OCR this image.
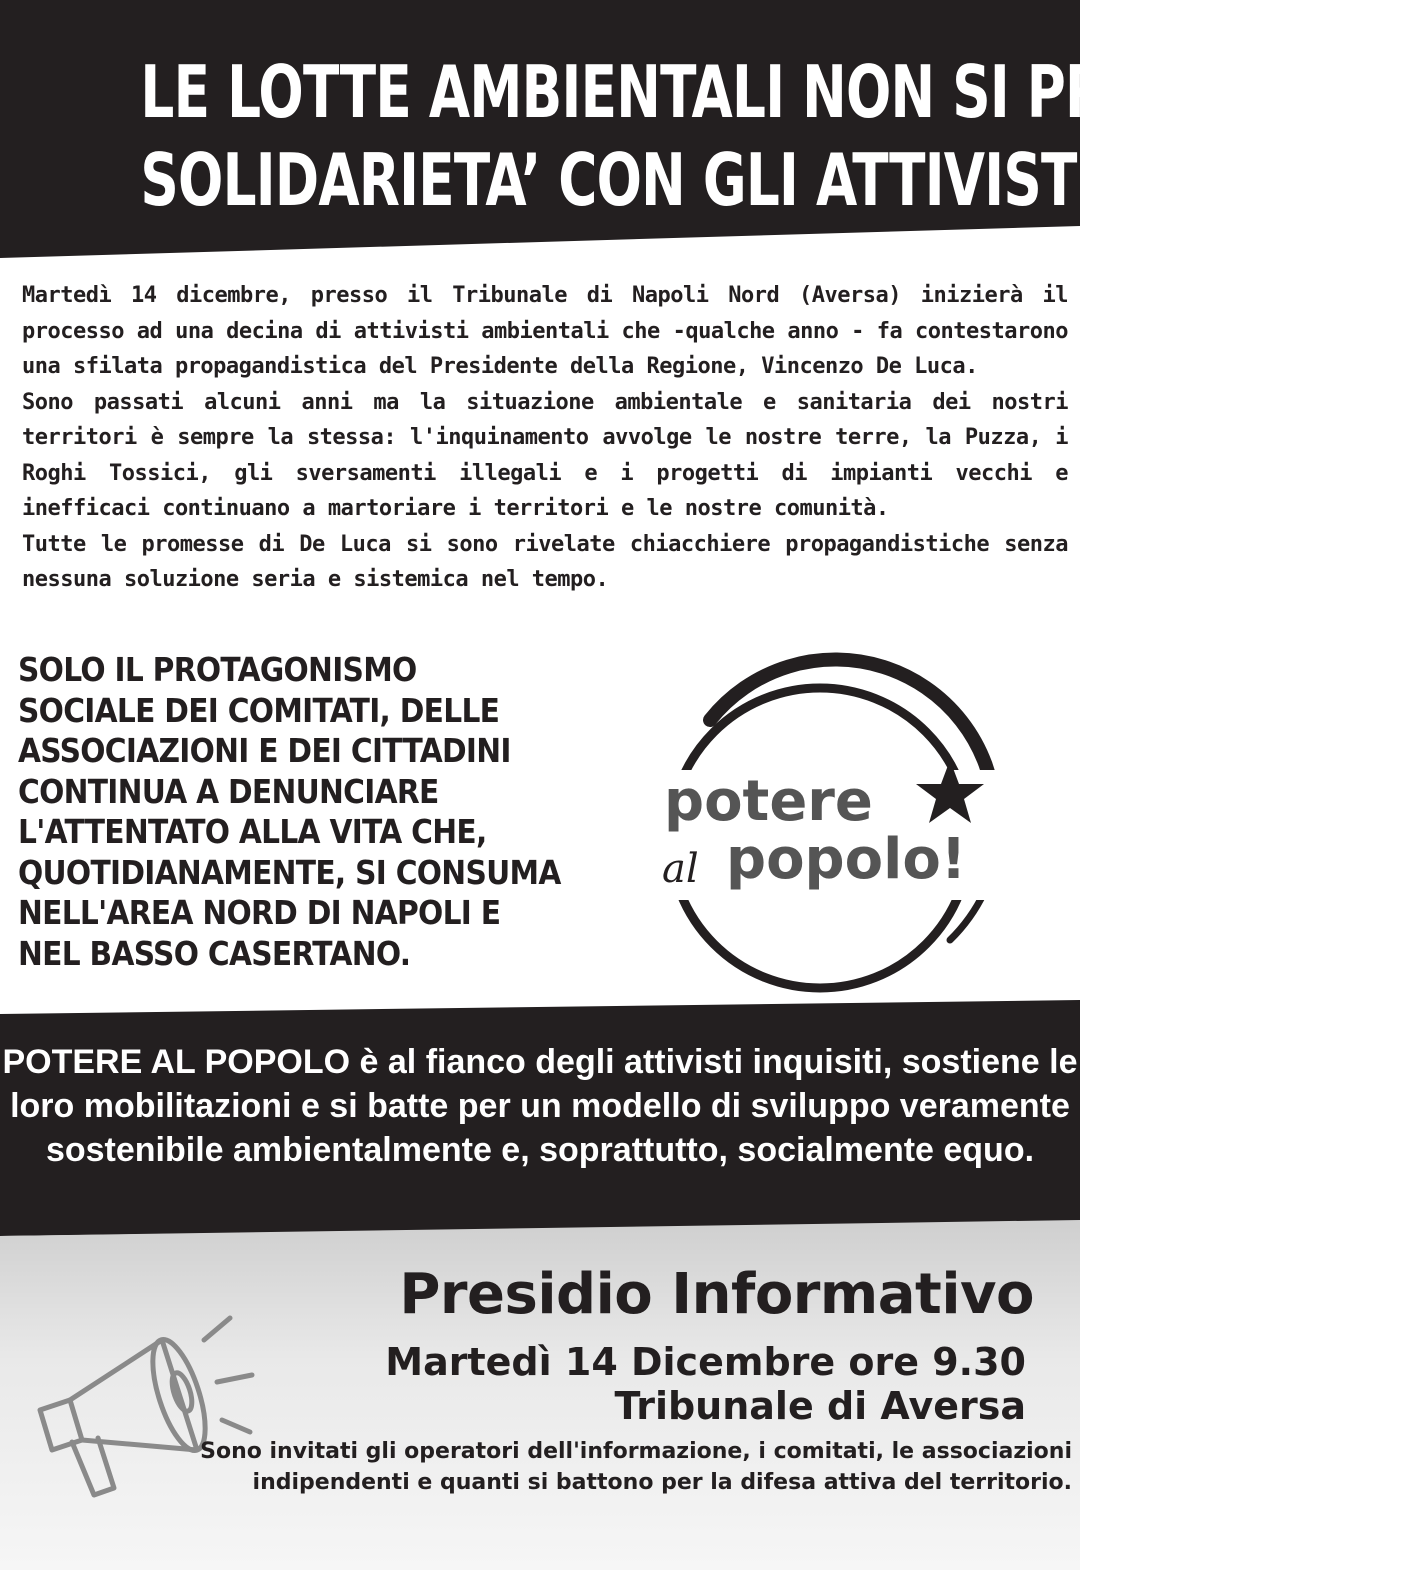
LE LOTTE AMBIENTALI NON SI PROCESSANO
SOLIDARIETA’ CON GLI ATTIVISTI INQUISITI.

Martedì 14 dicembre, presso il Tribunale di Napoli Nord (Aversa) inizierà il processo ad una decina di attivisti ambientali che -qualche anno - fa contestarono una sfilata propagandistica del Presidente della Regione, Vincenzo De Luca.

Sono passati alcuni anni ma la situazione ambientale e sanitaria dei nostri territori è sempre la stessa: l'inquinamento avvolge le nostre terre, la Puzza, i Roghi Tossici, gli sversamenti illegali e i progetti di impianti vecchi e inefficaci continuano a martoriare i territori e le nostre comunità.

Tutte le promesse di De Luca si sono rivelate chiacchiere propagandistiche senza nessuna soluzione seria e sistemica nel tempo.

SOLO IL PROTAGONISMO
SOCIALE DEI COMITATI, DELLE
ASSOCIAZIONI E DEI CITTADINI
CONTINUA A DENUNCIARE
L'ATTENTATO ALLA VITA CHE,
QUOTIDIANAMENTE, SI CONSUMA
NELL'AREA NORD DI NAPOLI E
NEL BASSO CASERTANO.
potere
al popolo!
POTERE AL POPOLO è al fianco degli attivisti inquisiti, sostiene le loro mobilitazioni e si batte per un modello di sviluppo veramente sostenibile ambientalmente e, soprattutto, socialmente equo.
Presidio Informativo
Martedì 14 Dicembre ore 9.30
Tribunale di Aversa
Sono invitati gli operatori dell'informazione, i comitati, le associazioni indipendenti e quanti si battono per la difesa attiva del territorio.
